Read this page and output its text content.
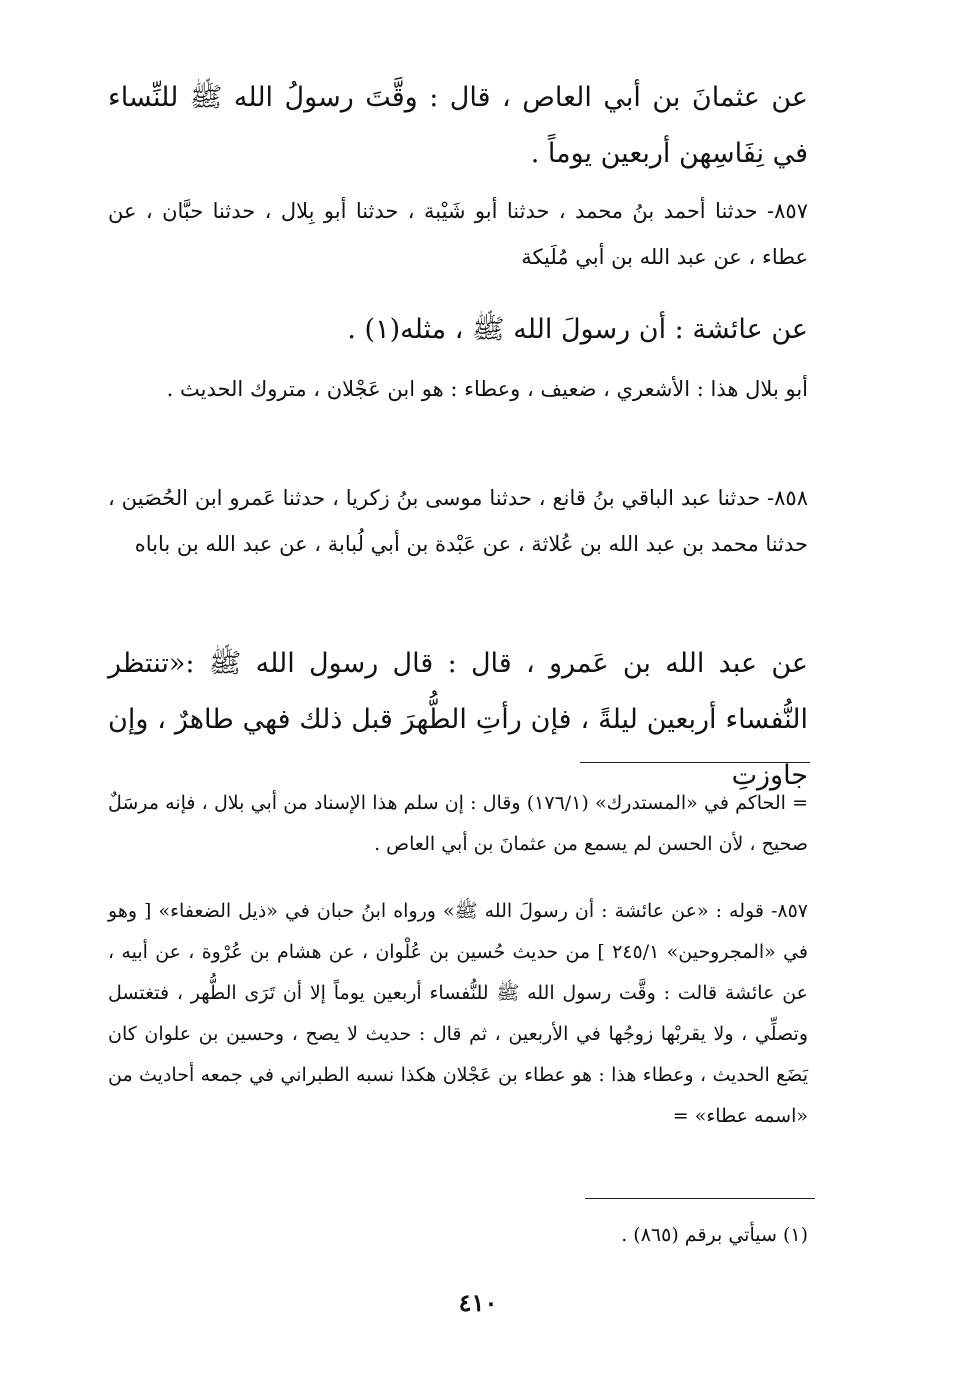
عن عثمانَ بن أبي العاص ، قال : وقَّتَ رسولُ الله ﷺ للنِّساء في نِفَاسِهن أربعين يوماً .

٨٥٧- حدثنا أحمد بنُ محمد ، حدثنا أبو شَيْبة ، حدثنا أبو بِلال ، حدثنا حبَّان ، عن عطاء ، عن عبد الله بن أبي مُلَيكة

عن عائشة : أن رسولَ الله ﷺ ، مثله(١) .

أبو بلال هذا : الأشعري ، ضعيف ، وعطاء : هو ابن عَجْلان ، متروك الحديث .

٨٥٨- حدثنا عبد الباقي بنُ قانع ، حدثنا موسى بنُ زكريا ، حدثنا عَمرو ابن الحُصَين ، حدثنا محمد بن عبد الله بن عُلاثة ، عن عَبْدة بن أبي لُبابة ، عن عبد الله بن باباه

عن عبد الله بن عَمرو ، قال : قال رسول الله ﷺ :«تنتظر النُّفساء أربعين ليلةً ، فإن رأتِ الطُّهرَ قبل ذلك فهي طاهرٌ ، وإن جاوزتِ

= الحاكم في «المستدرك» (١٧٦/١) وقال : إن سلم هذا الإسناد من أبي بلال ، فإنه مرسَلٌ صحيح ، لأن الحسن لم يسمع من عثمانَ بن أبي العاص .

٨٥٧- قوله : «عن عائشة : أن رسولَ الله ﷺ» ورواه ابنُ حبان في «ذيل الضعفاء» [ وهو في «المجروحين» ٢٤٥/١ ] من حديث حُسين بن عُلْوان ، عن هشام بن عُرْوة ، عن أبيه ، عن عائشة قالت : وقَّت رسول الله ﷺ للنُّفساء أربعين يوماً إلا أن تَرَى الطُّهر ، فتغتسل وتصلِّي ، ولا يقربْها زوجُها في الأربعين ، ثم قال : حديث لا يصح ، وحسين بن علوان كان يَضَع الحديث ، وعطاء هذا : هو عطاء بن عَجْلان هكذا نسبه الطبراني في جمعه أحاديث من «اسمه عطاء» =

(١) سيأتي برقم (٨٦٥) .

٤١٠
